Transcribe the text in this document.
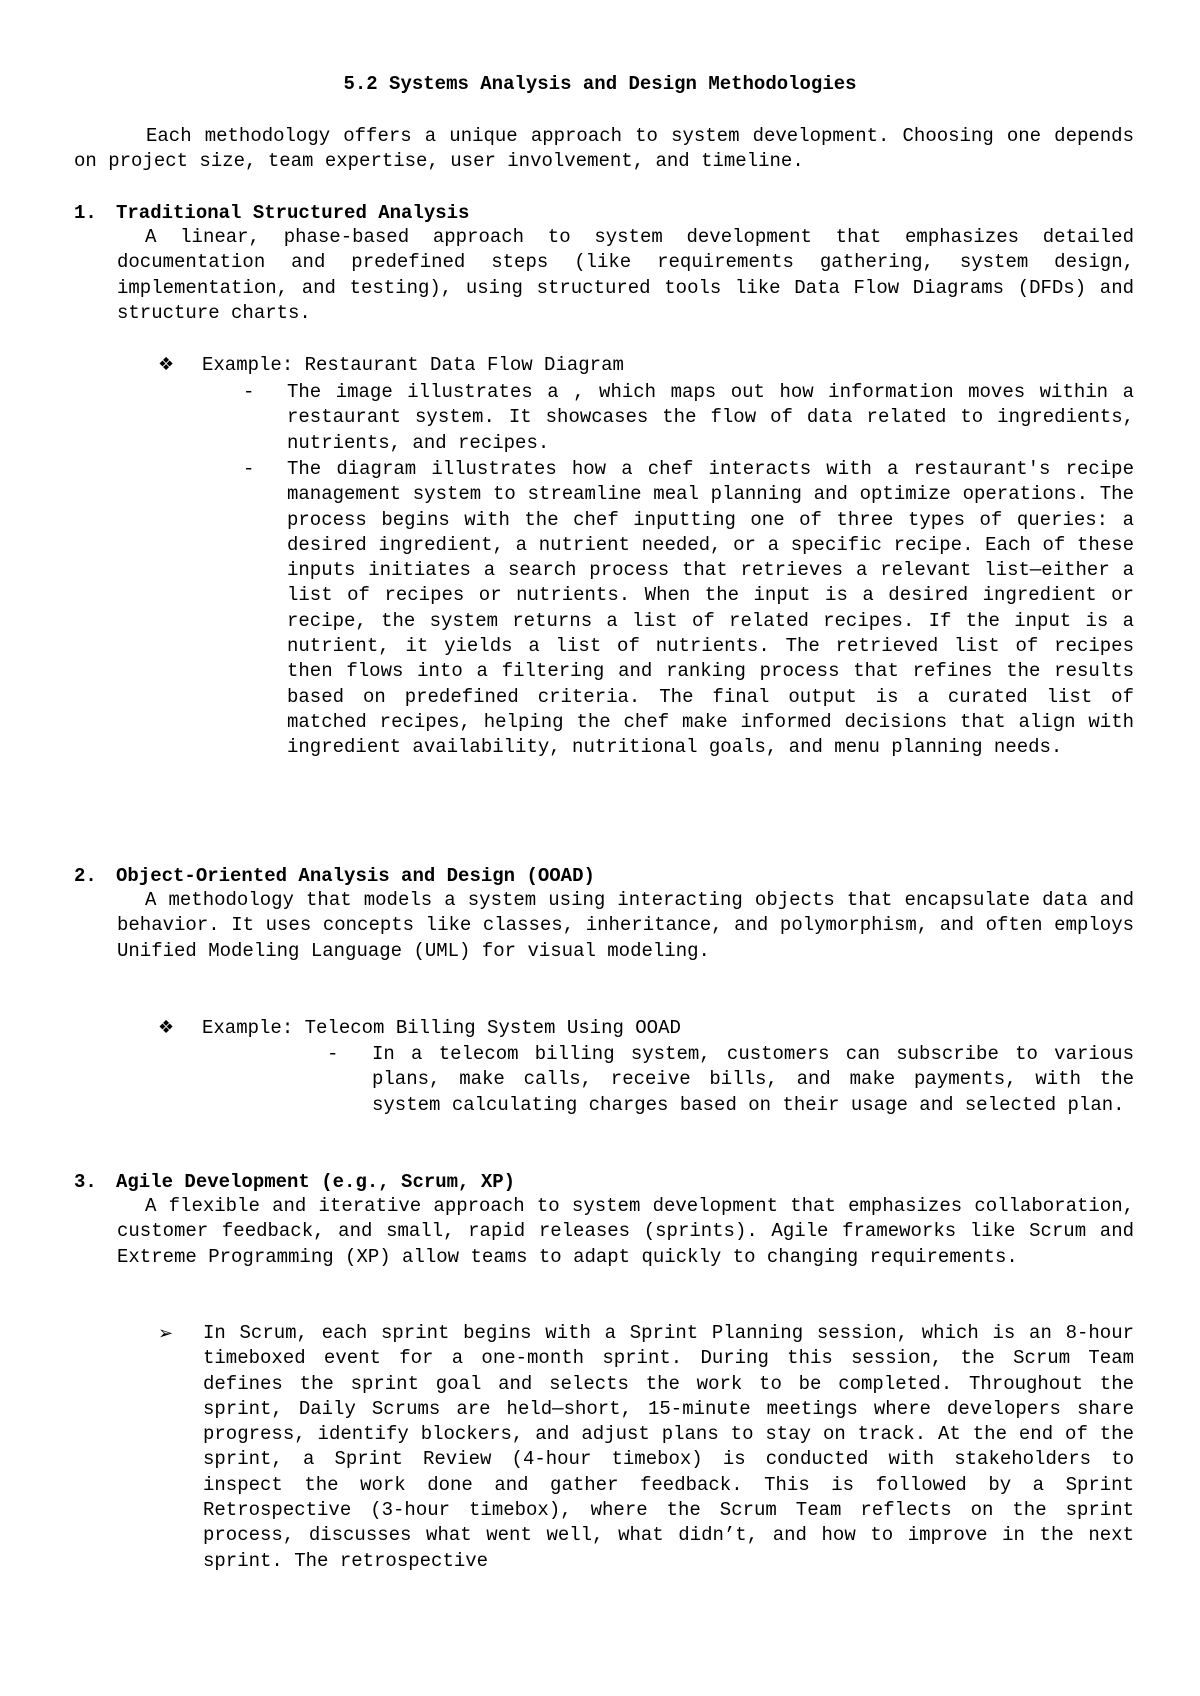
5.2 Systems Analysis and Design Methodologies
Each methodology offers a unique approach to system development. Choosing one depends on project size, team expertise, user involvement, and timeline.
1. Traditional Structured Analysis
A linear, phase-based approach to system development that emphasizes detailed documentation and predefined steps (like requirements gathering, system design, implementation, and testing), using structured tools like Data Flow Diagrams (DFDs) and structure charts.
❖ Example: Restaurant Data Flow Diagram
- The image illustrates a , which maps out how information moves within a restaurant system. It showcases the flow of data related to ingredients, nutrients, and recipes.
- The diagram illustrates how a chef interacts with a restaurant's recipe management system to streamline meal planning and optimize operations. The process begins with the chef inputting one of three types of queries: a desired ingredient, a nutrient needed, or a specific recipe. Each of these inputs initiates a search process that retrieves a relevant list—either a list of recipes or nutrients. When the input is a desired ingredient or recipe, the system returns a list of related recipes. If the input is a nutrient, it yields a list of nutrients. The retrieved list of recipes then flows into a filtering and ranking process that refines the results based on predefined criteria. The final output is a curated list of matched recipes, helping the chef make informed decisions that align with ingredient availability, nutritional goals, and menu planning needs.
2. Object-Oriented Analysis and Design (OOAD)
A methodology that models a system using interacting objects that encapsulate data and behavior. It uses concepts like classes, inheritance, and polymorphism, and often employs Unified Modeling Language (UML) for visual modeling.
❖ Example: Telecom Billing System Using OOAD
- In a telecom billing system, customers can subscribe to various plans, make calls, receive bills, and make payments, with the system calculating charges based on their usage and selected plan.
3. Agile Development (e.g., Scrum, XP)
A flexible and iterative approach to system development that emphasizes collaboration, customer feedback, and small, rapid releases (sprints). Agile frameworks like Scrum and Extreme Programming (XP) allow teams to adapt quickly to changing requirements.
➢ In Scrum, each sprint begins with a Sprint Planning session, which is an 8-hour timeboxed event for a one-month sprint. During this session, the Scrum Team defines the sprint goal and selects the work to be completed. Throughout the sprint, Daily Scrums are held—short, 15-minute meetings where developers share progress, identify blockers, and adjust plans to stay on track. At the end of the sprint, a Sprint Review (4-hour timebox) is conducted with stakeholders to inspect the work done and gather feedback. This is followed by a Sprint Retrospective (3-hour timebox), where the Scrum Team reflects on the sprint process, discusses what went well, what didn’t, and how to improve in the next sprint. The retrospective
